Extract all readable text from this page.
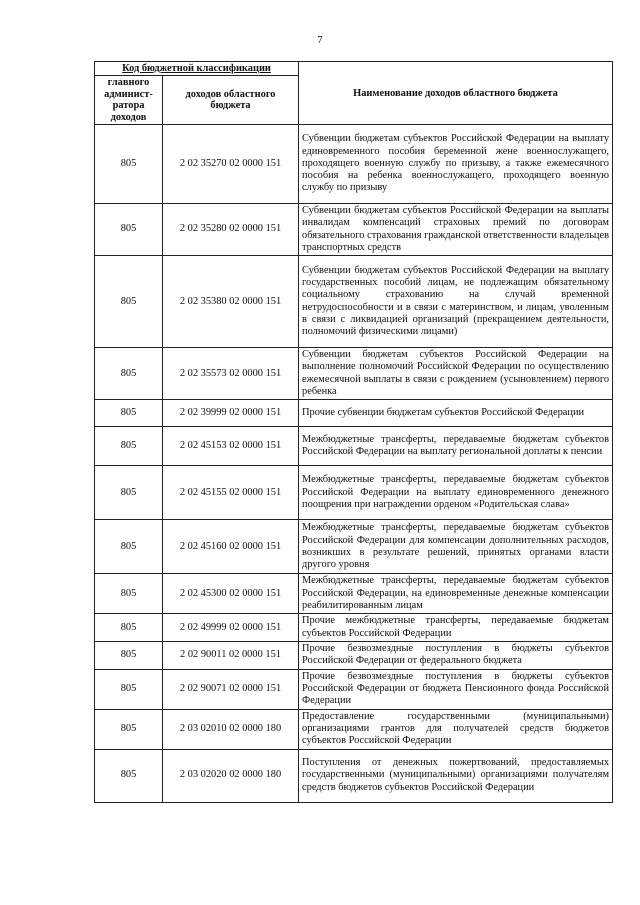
7
Код бюджетной классификации		Наименование доходов областного бюджета
главного админист-ратора доходов	доходов областного бюджета	
805	2 02 35270 02 0000 151	Субвенции бюджетам субъектов Российской Федерации на выплату единовременного пособия беременной жене военнослужащего, проходящего военную службу по призыву, а также ежемесячного пособия на ребенка военнослужащего, проходящего военную службу по призыву
805	2 02 35280 02 0000 151	Субвенции бюджетам субъектов Российской Федерации на выплаты инвалидам компенсаций страховых премий по договорам обязательного страхования гражданской ответственности владельцев транспортных средств
805	2 02 35380 02 0000 151	Субвенции бюджетам субъектов Российской Федерации на выплату государственных пособий лицам, не подлежащим обязательному социальному страхованию на случай временной нетрудоспособности и в связи с материнством, и лицам, уволенным в связи с ликвидацией организаций (прекращением деятельности, полномочий физическими лицами)
805	2 02 35573 02 0000 151	Субвенции бюджетам субъектов Российской Федерации на выполнение полномочий Российской Федерации по осуществлению ежемесячной выплаты в связи с рождением (усыновлением) первого ребенка
805	2 02 39999 02 0000 151	Прочие субвенции бюджетам субъектов Российской Федерации
805	2 02 45153 02 0000 151	Межбюджетные трансферты, передаваемые бюджетам субъектов Российской Федерации на выплату региональной доплаты к пенсии
805	2 02 45155 02 0000 151	Межбюджетные трансферты, передаваемые бюджетам субъектов Российской Федерации на выплату единовременного денежного поощрения при награждении орденом «Родительская слава»
805	2 02 45160 02 0000 151	Межбюджетные трансферты, передаваемые бюджетам субъектов Российской Федерации для компенсации дополнительных расходов, возникших в результате решений, принятых органами власти другого уровня
805	2 02 45300 02 0000 151	Межбюджетные трансферты, передаваемые бюджетам субъектов Российской Федерации, на единовременные денежные компенсации реабилитированным лицам
805	2 02 49999 02 0000 151	Прочие межбюджетные трансферты, передаваемые бюджетам субъектов Российской Федерации
805	2 02 90011 02 0000 151	Прочие безвозмездные поступления в бюджеты субъектов Российской Федерации от федерального бюджета
805	2 02 90071 02 0000 151	Прочие безвозмездные поступления в бюджеты субъектов Российской Федерации от бюджета Пенсионного фонда Российской Федерации
805	2 03 02010 02 0000 180	Предоставление государственными (муниципальными) организациями грантов для получателей средств бюджетов субъектов Российской Федерации
805	2 03 02020 02 0000 180	Поступления от денежных пожертвований, предоставляемых государственными (муниципальными) организациями получателям средств бюджетов субъектов Российской Федерации
